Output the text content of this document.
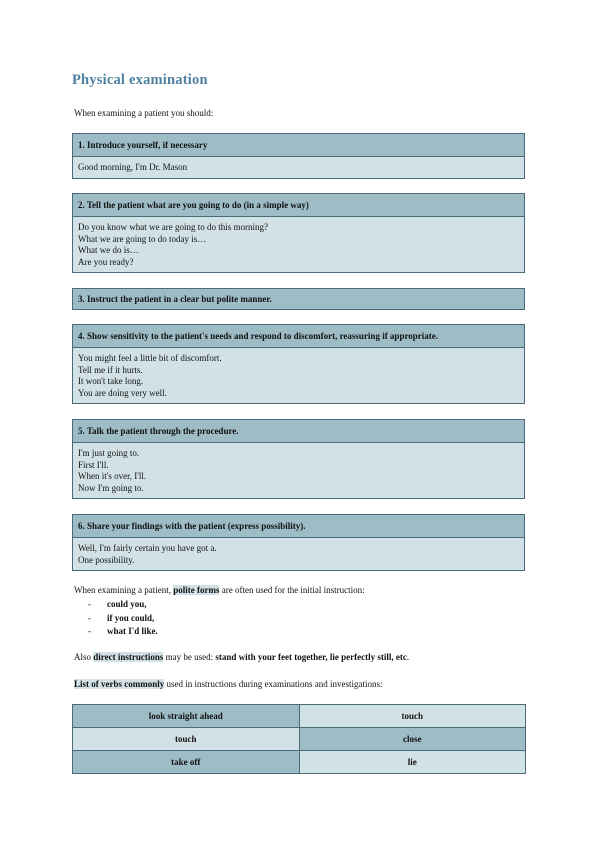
Physical examination
When examining a patient you should:
1. Introduce yourself, if necessary
Good morning, I'm Dr. Mason
2. Tell the patient what are you going to do (in a simple way)
Do you know what we are going to do this morning?
What we are going to do today is…
What we do is…
Are you ready?
3. Instruct the patient in a clear but polite manner.
4. Show sensitivity to the patient's needs and respond to discomfort, reassuring if appropriate.
You might feel a little bit of discomfort.
Tell me if it hurts.
It won't take long.
You are doing very well.
5. Talk the patient through the procedure.
I'm just going to.
First I'll.
When it's over, I'll.
Now I'm going to.
6. Share your findings with the patient (express possibility).
Well, I'm fairly certain you have got a.
One possibility.
When examining a patient, polite forms are often used for the initial instruction:
- could you,
- if you could,
- what I'd like.
Also direct instructions may be used: stand with your feet together, lie perfectly still, etc.
List of verbs commonly used in instructions during examinations and investigations:
look straight ahead	touch
touch	close
take off	lie
